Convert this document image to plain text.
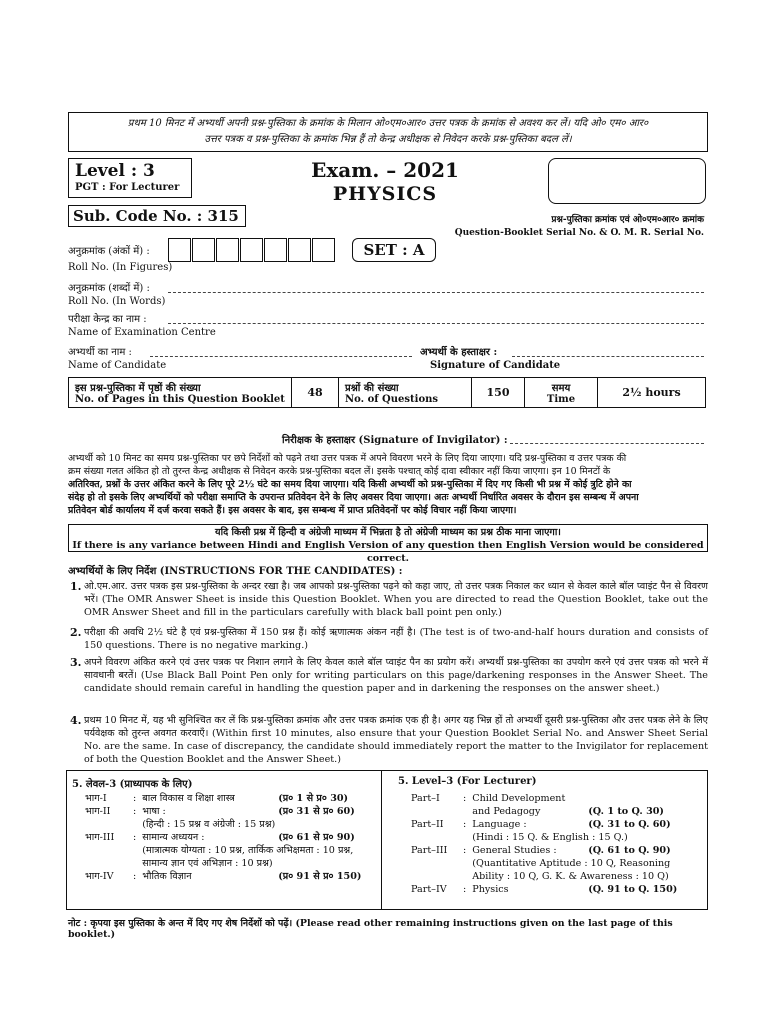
प्रथम 10 मिनट में अभ्यर्थी अपनी प्रश्न-पुस्तिका के क्रमांक के मिलान ओ०एम०आर० उत्तर पत्रक के क्रमांक से अवश्य कर लें। यदि ओ० एम० आर०
उत्तर पत्रक व प्रश्न-पुस्तिका के क्रमांक भिन्न हैं तो केन्द्र अधीक्षक से निवेदन करके प्रश्न-पुस्तिका बदल लें।
Level : 3
PGT : For Lecturer
Exam. – 2021
PHYSICS
Sub. Code No. : 315	प्रश्न-पुस्तिका क्रमांक एवं ओ०एम०आर० क्रमांक
Question-Booklet Serial No. & O. M. R. Serial No.
अनुक्रमांक (अंकों में) :	SET : A
Roll No. (In Figures)
अनुक्रमांक (शब्दों में) :
Roll No. (In Words)
परीक्षा केन्द्र का नाम :
Name of Examination Centre
अभ्यर्थी का नाम :	अभ्यर्थी के हस्ताक्षर :
Name of Candidate	Signature of Candidate
इस प्रश्न-पुस्तिका में पृष्ठों की संख्या
No. of Pages in this Question Booklet
	48	प्रश्नों की संख्या
No. of Questions
	150	समय
Time
	2½ hours
निरीक्षक के हस्ताक्षर (Signature of Invigilator) :
अभ्यर्थी को 10 मिनट का समय प्रश्न-पुस्तिका पर छपे निर्देशों को पढ़ने तथा उत्तर पत्रक में अपने विवरण भरने के लिए दिया जाएगा। यदि प्रश्न-पुस्तिका व उत्तर पत्रक की
क्रम संख्या गलत अंकित हो तो तुरन्त केन्द्र अधीक्षक से निवेदन करके प्रश्न-पुस्तिका बदल लें। इसके पश्चात् कोई दावा स्वीकार नहीं किया जाएगा। इन 10 मिनटों के
अतिरिक्त, प्रश्नों के उत्तर अंकित करने के लिए पूरे 2½ घंटे का समय दिया जाएगा। यदि किसी अभ्यर्थी को प्रश्न-पुस्तिका में दिए गए किसी भी प्रश्न में कोई त्रुटि होने का
संदेह हो तो इसके लिए अभ्यर्थियों को परीक्षा समाप्ति के उपरान्त प्रतिवेदन देने के लिए अवसर दिया जाएगा। अतः अभ्यर्थी निर्धारित अवसर के दौरान इस सम्बन्ध में अपना
प्रतिवेदन बोर्ड कार्यालय में दर्ज करवा सकते हैं। इस अवसर के बाद, इस सम्बन्ध में प्राप्त प्रतिवेदनों पर कोई विचार नहीं किया जाएगा।
यदि किसी प्रश्न में हिन्दी व अंग्रेजी माध्यम में भिन्नता है तो अंग्रेजी माध्यम का प्रश्न ठीक माना जाएगा।
If there is any variance between Hindi and English Version of any question then English Version would be considered correct.
अभ्यर्थियों के लिए निर्देश (INSTRUCTIONS FOR THE CANDIDATES) :
1. ओ.एम.आर. उत्तर पत्रक इस प्रश्न-पुस्तिका के अन्दर रखा है। जब आपको प्रश्न-पुस्तिका पढ़ने को कहा जाए, तो उत्तर पत्रक निकाल कर ध्यान से केवल काले बॉल प्वाइंट पैन से विवरण भरें। (The OMR Answer Sheet is inside this Question Booklet. When you are directed to read the Question Booklet, take out the OMR Answer Sheet and fill in the particulars carefully with black ball point pen only.)
2. परीक्षा की अवधि 2½ घंटे है एवं प्रश्न-पुस्तिका में 150 प्रश्न हैं। कोई ऋणात्मक अंकन नहीं है। (The test is of two-and-half hours duration and consists of 150 questions. There is no negative marking.)
3. अपने विवरण अंकित करने एवं उत्तर पत्रक पर निशान लगाने के लिए केवल काले बॉल प्वाइंट पैन का प्रयोग करें। अभ्यर्थी प्रश्न-पुस्तिका का उपयोग करने एवं उत्तर पत्रक को भरने में सावधानी बरतें। (Use Black Ball Point Pen only for writing particulars on this page/darkening responses in the Answer Sheet. The candidate should remain careful in handling the question paper and in darkening the responses on the answer sheet.)
4. प्रथम 10 मिनट में, यह भी सुनिश्चित कर लें कि प्रश्न-पुस्तिका क्रमांक और उत्तर पत्रक क्रमांक एक ही है। अगर यह भिन्न हों तो अभ्यर्थी दूसरी प्रश्न-पुस्तिका और उत्तर पत्रक लेने के लिए पर्यवेक्षक को तुरन्त अवगत करवाएँ। (Within first 10 minutes, also ensure that your Question Booklet Serial No. and Answer Sheet Serial No. are the same. In case of discrepancy, the candidate should immediately report the matter to the Invigilator for replacement of both the Question Booklet and the Answer Sheet.)
5. लेवल-3 (प्राध्यापक के लिए)
भाग-I	:	बाल विकास व शिक्षा शास्त्र	(प्र० 1 से प्र० 30)
भाग-II	:	भाषा :	(प्र० 31 से प्र० 60)
		(हिन्दी : 15 प्रश्न व अंग्रेजी : 15 प्रश्न)	
भाग-III	:	सामान्य अध्ययन :	(प्र० 61 से प्र० 90)
		(मात्रात्मक योग्यता : 10 प्रश्न, तार्किक अभिक्षमता : 10 प्रश्न, सामान्य ज्ञान एवं अभिज्ञान : 10 प्रश्न)	
भाग-IV	:	भौतिक विज्ञान	(प्र० 91 से प्र० 150)
5. Level–3 (For Lecturer)
Part–I	:	Child Development and Pedagogy	(Q. 1 to Q. 30)
Part–II	:	Language :	(Q. 31 to Q. 60)
		(Hindi : 15 Q. & English : 15 Q.)	
Part–III	:	General Studies :	(Q. 61 to Q. 90)
		(Quantitative Aptitude : 10 Q, Reasoning Ability : 10 Q, G. K. & Awareness : 10 Q)	
Part–IV	:	Physics	(Q. 91 to Q. 150)
नोट : कृपया इस पुस्तिका के अन्त में दिए गए शेष निर्देशों को पढ़ें। (Please read other remaining instructions given on the last page of this booklet.)
